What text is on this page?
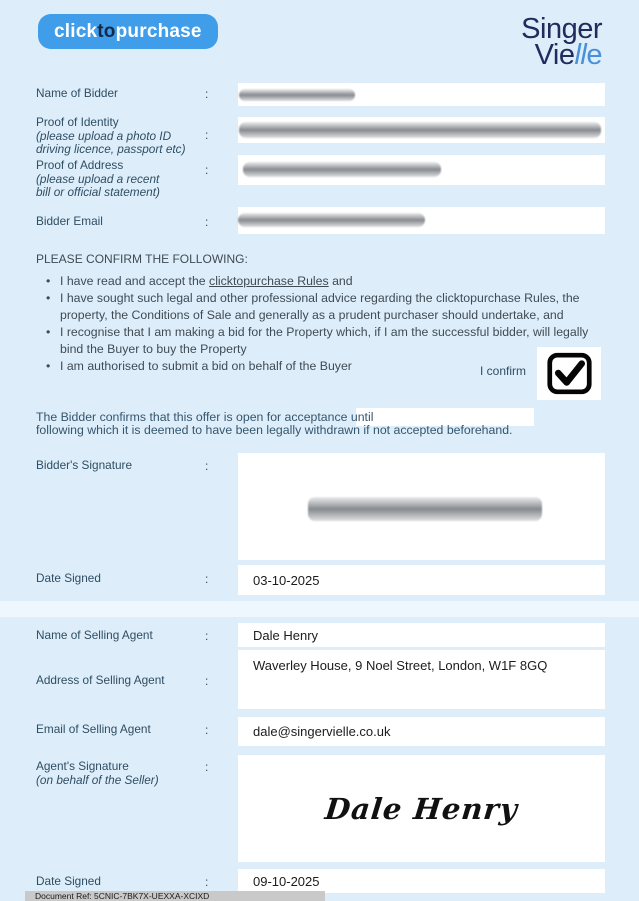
click to purchase	Singer
Vielle
Name of Bidder	:
Proof of Identity
(please upload a photo ID
driving licence, passport etc)
:
Proof of Address
(please upload a recent
bill or official statement)
:
Bidder Email	:
PLEASE CONFIRM THE FOLLOWING:
• I have read and accept the clicktopurchase Rules and
• I have sought such legal and other professional advice regarding the clicktopurchase Rules, the property, the Conditions of Sale and generally as a prudent purchaser should undertake, and
• I recognise that I am making a bid for the Property which, if I am the successful bidder, will legally bind the Buyer to buy the Property
• I am authorised to submit a bid on behalf of the Buyer	I confirm
The Bidder confirms that this offer is open for acceptance until
following which it is deemed to have been legally withdrawn if not accepted beforehand.
Bidder's Signature	:
Date Signed	:	03-10-2025
Name of Selling Agent	:	Dale Henry
Address of Selling Agent	:
Waverley House, 9 Noel Street, London, W1F 8GQ
Email of Selling Agent	:	dale@singervielle.co.uk
Agent's Signature
(on behalf of the Seller)
:
Dale Henry
Date Signed	:	09-10-2025
Document Ref: 5CNIC-7BK7X-UEXXA-XCIXD
